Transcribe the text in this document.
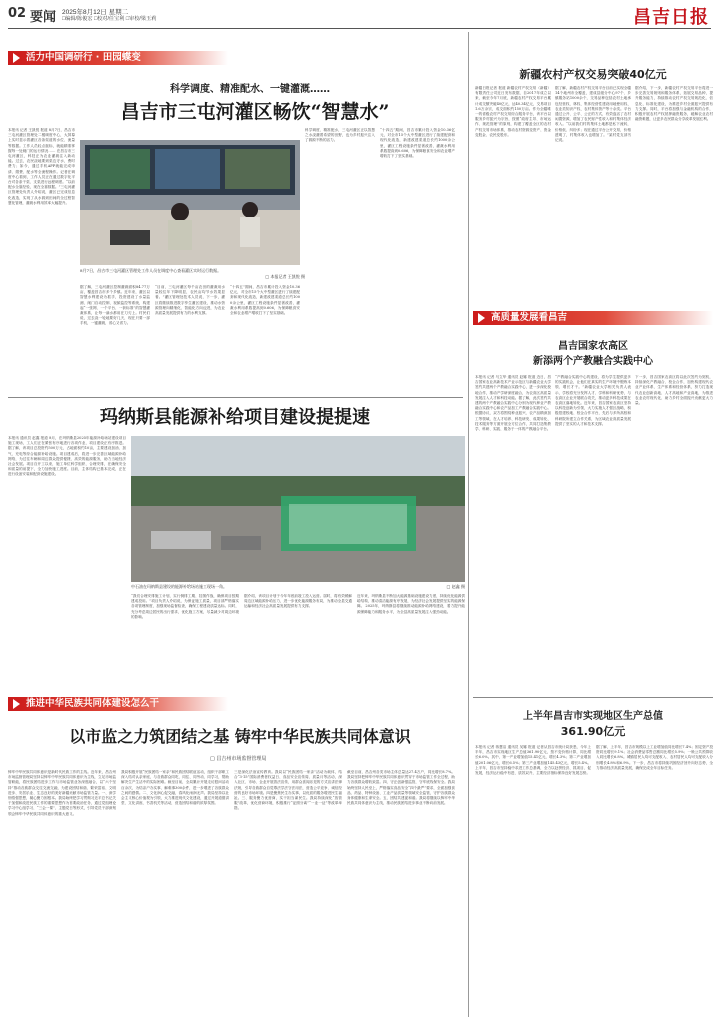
02 要闻 2025年8月12日 星期二
□编辑/陈俊宏 □校对/任宝利 □审校/梁玉莉	昌吉日报
活力中国调研行 · 田园蝶变
科学调度、精准配水、一键灌溉……
昌吉市三屯河灌区畅饮“智慧水”
本报讯 记者 王凯悦 报道 8月7日，昌吉市三屯河灌区管理处二楼调度中心，大屏幕上实时显示着灌区各条渠道的水位、流量等数据。工作人员轻点鼠标，就能精准掌握每一处闸门的运行情况…… 在昌吉市三屯河灌区，科技正为农业灌溉注入新动能。过去，农民浇地要到渠边守水，费时费力；如今，通过手机APP就能完成申请、缴费、配水等全流程操作。记者在调度中心看到，工作人员正在通过数字化平台对各条干渠、支渠进行远程调度。“以前配水全靠经验，现在全靠数据。”三屯河灌区管理处负责人介绍说，灌区已完成信息化改造，实现了从水源到田间的全过程智慧化管理，灌溉水利用效率大幅提升。
8月7日，昌吉市三屯河灌区管理处工作人员在调度中心查看灌区实时运行数据。
□ 本报记者 王凯悦 摄
据了解，三屯河灌区控制灌溉面积84.77万亩，覆盖昌吉市多个乡镇。近年来，灌区以智慧水利建设为抓手，投资建设了水量监测、闸门自动控制、视频监控等系统，构建起“一张网、一个平台、一套标准”的智慧灌溉体系，让每一滴水都用在刀刃上。村民们说，过去浇一轮地要好几天，现在只要一部手机，一键灌溉，省心又省力。
“目前，三屯河灌区每千亩农田的灌溉用水量较往年下降明显，农民亩均节水效果显著。”灌区管理处技术人员说，下一步，灌区将继续推进数字孪生灌区建设，推动水资源管理向精细化、智能化方向迈进，为农业高质量发展提供有力的水利支撑。
“十四五”期间，昌吉市累计投入资金10.36亿元，对全市15个大中型灌区进行了续建配套和现代化改造，新建改建渠道总长约1000余公里，灌区工程设施条件显著改善，灌溉水利用系数提高到0.606，为保障粮食安全和农业增产增收打下了坚实基础。
科学调度、精准配水，三屯河灌区正以智慧之水浇灌着希望的田野，也为乡村振兴注入了源源不断的活力。
“十四五”期间，昌吉市累计投入资金10.36亿元，对全市15个大中型灌区进行了续建配套和现代化改造，新建改建渠道总长约1000余公里，灌区工程设施条件显著改善，灌溉水利用系数提高到0.606，为保障粮食安全和农业增产增收打下了坚实基础。
玛纳斯县能源补给项目建设提提速
本报讯 通讯员 赵鑫 报道 8月，在玛纳斯县2025年能源补给场站建设项目施工现场，工人们正在紧张有序地进行各项作业，项目建设正有序推进。 据了解，该项目总投资约500万元，占地面积约10亩，主要建设加油、加气、充电等综合能源补给设施。项目建成后，将进一步完善区域能源补给网络，为过往车辆和周边群众提供便捷、高效的能源服务，助力当地经济社会发展。项目自开工以来，施工单位科学组织、合理安排，在确保安全和质量的前提下，全力加快施工进度。目前，主体结构已基本完成，正在进行设备安装和配套设施建设。
中石油在玛纳斯县建设的能源补给场站施工现场一角。	□ 赵鑫 摄
“我们合理安排施工计划，实行倒排工期、挂图作战，确保项目按期建成投用。”项目负责人介绍说，为保证施工质量，项目部严格落实各项管理制度，加强现场监督检查，确保工程建设质量达标。同时，充分考虑周边居民的出行需求，优化施工方案，尽量减少对周边环境的影响。
据介绍，该项目计划于今年年底前竣工投入运营。届时，将有效缓解周边区域能源补给压力，进一步优化能源服务布局，为推动全县交通运输和经济社会高质量发展提供有力支撑。
近年来，玛纳斯县不断加大能源基础设施建设力度，持续优化能源供给结构，推动清洁能源有序发展，为经济社会发展提供坚实的能源保障。 2025年，玛纳斯县将继续推动能源补给网络建设，着力提升能源保障能力和服务水平，为全县高质量发展注入强劲动能。
推进中华民族共同体建设怎么干
以市监之力筑团结之基 铸牢中华民族共同体意识
□ 昌吉州市场监督管理局
铸牢中华民族共同体意识是新时代民族工作的主线。近年来，昌吉州市场监督管理局坚持以铸牢中华民族共同体意识为主线，立足市场监管职能，将民族团结进步工作与市场监管业务深度融合，以“六个坚持”推动各族群众交往交流交融，为建设团结和谐、繁荣富裕、文明进步、安居乐业、生态良好的美好新疆贡献市场监管力量。一、深学细悟强思想，凝心聚力固根本。我局始终把学习贯彻习近平总书记关于加强和改进民族工作的重要思想作为首要政治任务，通过党组理论学习中心组学习、“三会一课”、主题党日等形式，引导党员干部深刻领会铸牢中华民族共同体意识的重大意义。
我局积极开展“民族团结一家亲”和民族团结联谊活动，组织干部职工深入结对认亲家庭，与各族群众同吃、同住、同劳动、同学习，帮助解决生产生活中的实际困难。截至目前，全局累计开展走访慰问活动百余次，为结亲户办实事、解难事300余件，进一步增进了各族群众之间的感情。二、文化润心促交融，春风化雨润无声。我局坚持以社会主义核心价值观为引领，大力推进现代文化建设，通过开展道德讲堂、文化讲座、书香机关等活动，营造团结和谐的浓厚氛围。
三是深化法治宣传教育。我局以“民族团结一家亲”活动为载体，结合“3·15”国际消费者权益日、食品安全宣传周、质量月等活动，深入社区、市场、企业开展普法宣传，用群众喜闻乐见的方式宣讲法律法规，引导各族群众自觉尊法学法守法用法，营造公平竞争、诚信经营的良好市场环境。四是聚焦民生办实事，以优质的服务增进民生福祉。三、服务聚力优营商，实干担当谋民生。我局持续深化“放管服”改革，优化营商环境，积极推行“证照分离”“一业一证”等改革举措。
截至目前，昌吉州各类市场主体总量达27.4万户，同比增长8.7%。我局坚持把铸牢中华民族共同体意识贯穿于市场监管工作全过程，助力各族群众增收致富。四、守正创新强监管，守牢底线保安全。我局始终坚持人民至上，严格落实食品安全“四个最严”要求，全面加强食品、药品、特种设备、工业产品质量等领域安全监管，守护各族群众身体健康和生命安全。五、团结共建促和谐。我局将继续以铸牢中华民族共同体意识为主线，推动民族团结进步事业不断向前发展。
新疆农村产权交易突破40亿元
新疆日报记者 报道 新疆农村产权交易（新疆）有限责任公司近日发布数据，自2017年成立以来，截至今年7月底，新疆农村产权交易平台累计成交额突破40亿元，达40.34亿元，交易项目1.6万余宗，成交面积约150万亩。作为全疆唯一的省级农村产权交易综合服务平台，该平台以服务乡村振兴为宗旨，按照“政府主导、市场运作、规范管理”的原则，构建了覆盖全区的农村产权交易市场体系，推动农村资源变资产、资金变股金、农民变股东。
据了解，新疆农村产权交易平台目前已实现全疆14个地州市全覆盖，建成县级分中心97个、乡镇服务站1000余个，交易品种包括农村土地承包经营权、林权、集体经营性建设用地使用权、农业类知识产权、农村集体资产等十余类。平台通过公开、公平、公正的方式，有效盘活了农村闲置资源，增加了农民财产性收入和村集体经济收入。“以前我们村的集体土地都是私下流转，价格低、纠纷多；现在通过平台公开交易，价格透明了，村集体收入也增加了。”某村党支部书记说。
据介绍，下一步，新疆农村产权交易平台将进一步完善交易规则和服务体系，拓展交易品种，提升服务能力，持续推动农村产权交易规范化、信息化、标准化建设，为推进乡村全面振兴提供有力支撑。同时，平台将加强与金融机构的合作，积极开展农村产权抵押融资服务，破解农业农村融资难题，让更多农民群众分享改革发展红利。
高质量发展看昌吉
昌吉国家农高区
新添两个产教融合实践中心
本报讯 记者 马立华 通讯员 赵娜 报道 近日，昌吉国家农业高新技术产业示范区与新疆农业大学签约共建两个产教融合实践中心，进一步深化校地合作，推动产学研深度融合，为农高区高质量发展注入人才和科技动能。据了解，此次签约共建的两个产教融合实践中心分别为现代种业产教融合实践中心和农产品加工产教融合实践中心。根据协议，双方将围绕种业振兴、农产品精深加工等领域，在人才培养、科技研发、成果转化、技术服务等方面开展全方位合作，共同打造集教学、科研、实践、服务于一体的产教融合平台。
“产教融合实践中心的建设，将为学生提供更多的实践机会，让他们在真实的生产环境中锻炼本领、增长才干。”新疆农业大学相关负责人表示，学校将充分发挥人才、学科和科研优势，与农高区企业开展联合攻关，推动更多科技成果在农高区落地转化。近年来，昌吉国家农高区坚持以科技创新为引领，大力实施人才强区战略，积极搭建校地、校企合作平台，先后与多所高校和科研院所建立合作关系，为区域农业高质量发展提供了坚实的人才和技术支撑。
下一步，昌吉国家农高区将以此次签约为契机，持续深化产教融合、校企合作，加快构建现代农业产业体系、生产体系和经营体系，努力打造现代农业创新高地、人才高地和产业高地，为推进农业农村现代化、助力乡村全面振兴贡献更大力量。
上半年昌吉市实现地区生产总值
361.90亿元
本报讯 记者 蒋慧洁 通讯员 吴娜 报道 记者从昌吉市统计局获悉，今年上半年，昌吉市实现地区生产总值361.90亿元，按不变价格计算，同比增长6.0%。其中，第一产业增加值15.41亿元，增长4.3%；第二产业增加值201.06亿元，增长6.5%；第三产业增加值145.43亿元，增长5.4%。上半年，昌吉市坚持稳中求进工作总基调，全力以赴拼经济、抓项目、促发展，经济运行稳中有进、质效双升，主要经济指标保持良好发展态势。
据了解，上半年，昌吉市规模以上工业增加值同比增长7.4%；固定资产投资同比增长9.1%；社会消费品零售总额同比增长5.9%；一般公共预算收入同比增长6.8%。城镇居民人均可支配收入、农村居民人均可支配收入分别增长4.8%和6.9%。下一步，昌吉市将持续巩固经济回升向好态势，全力推动经济高质量发展，确保完成全年目标任务。
